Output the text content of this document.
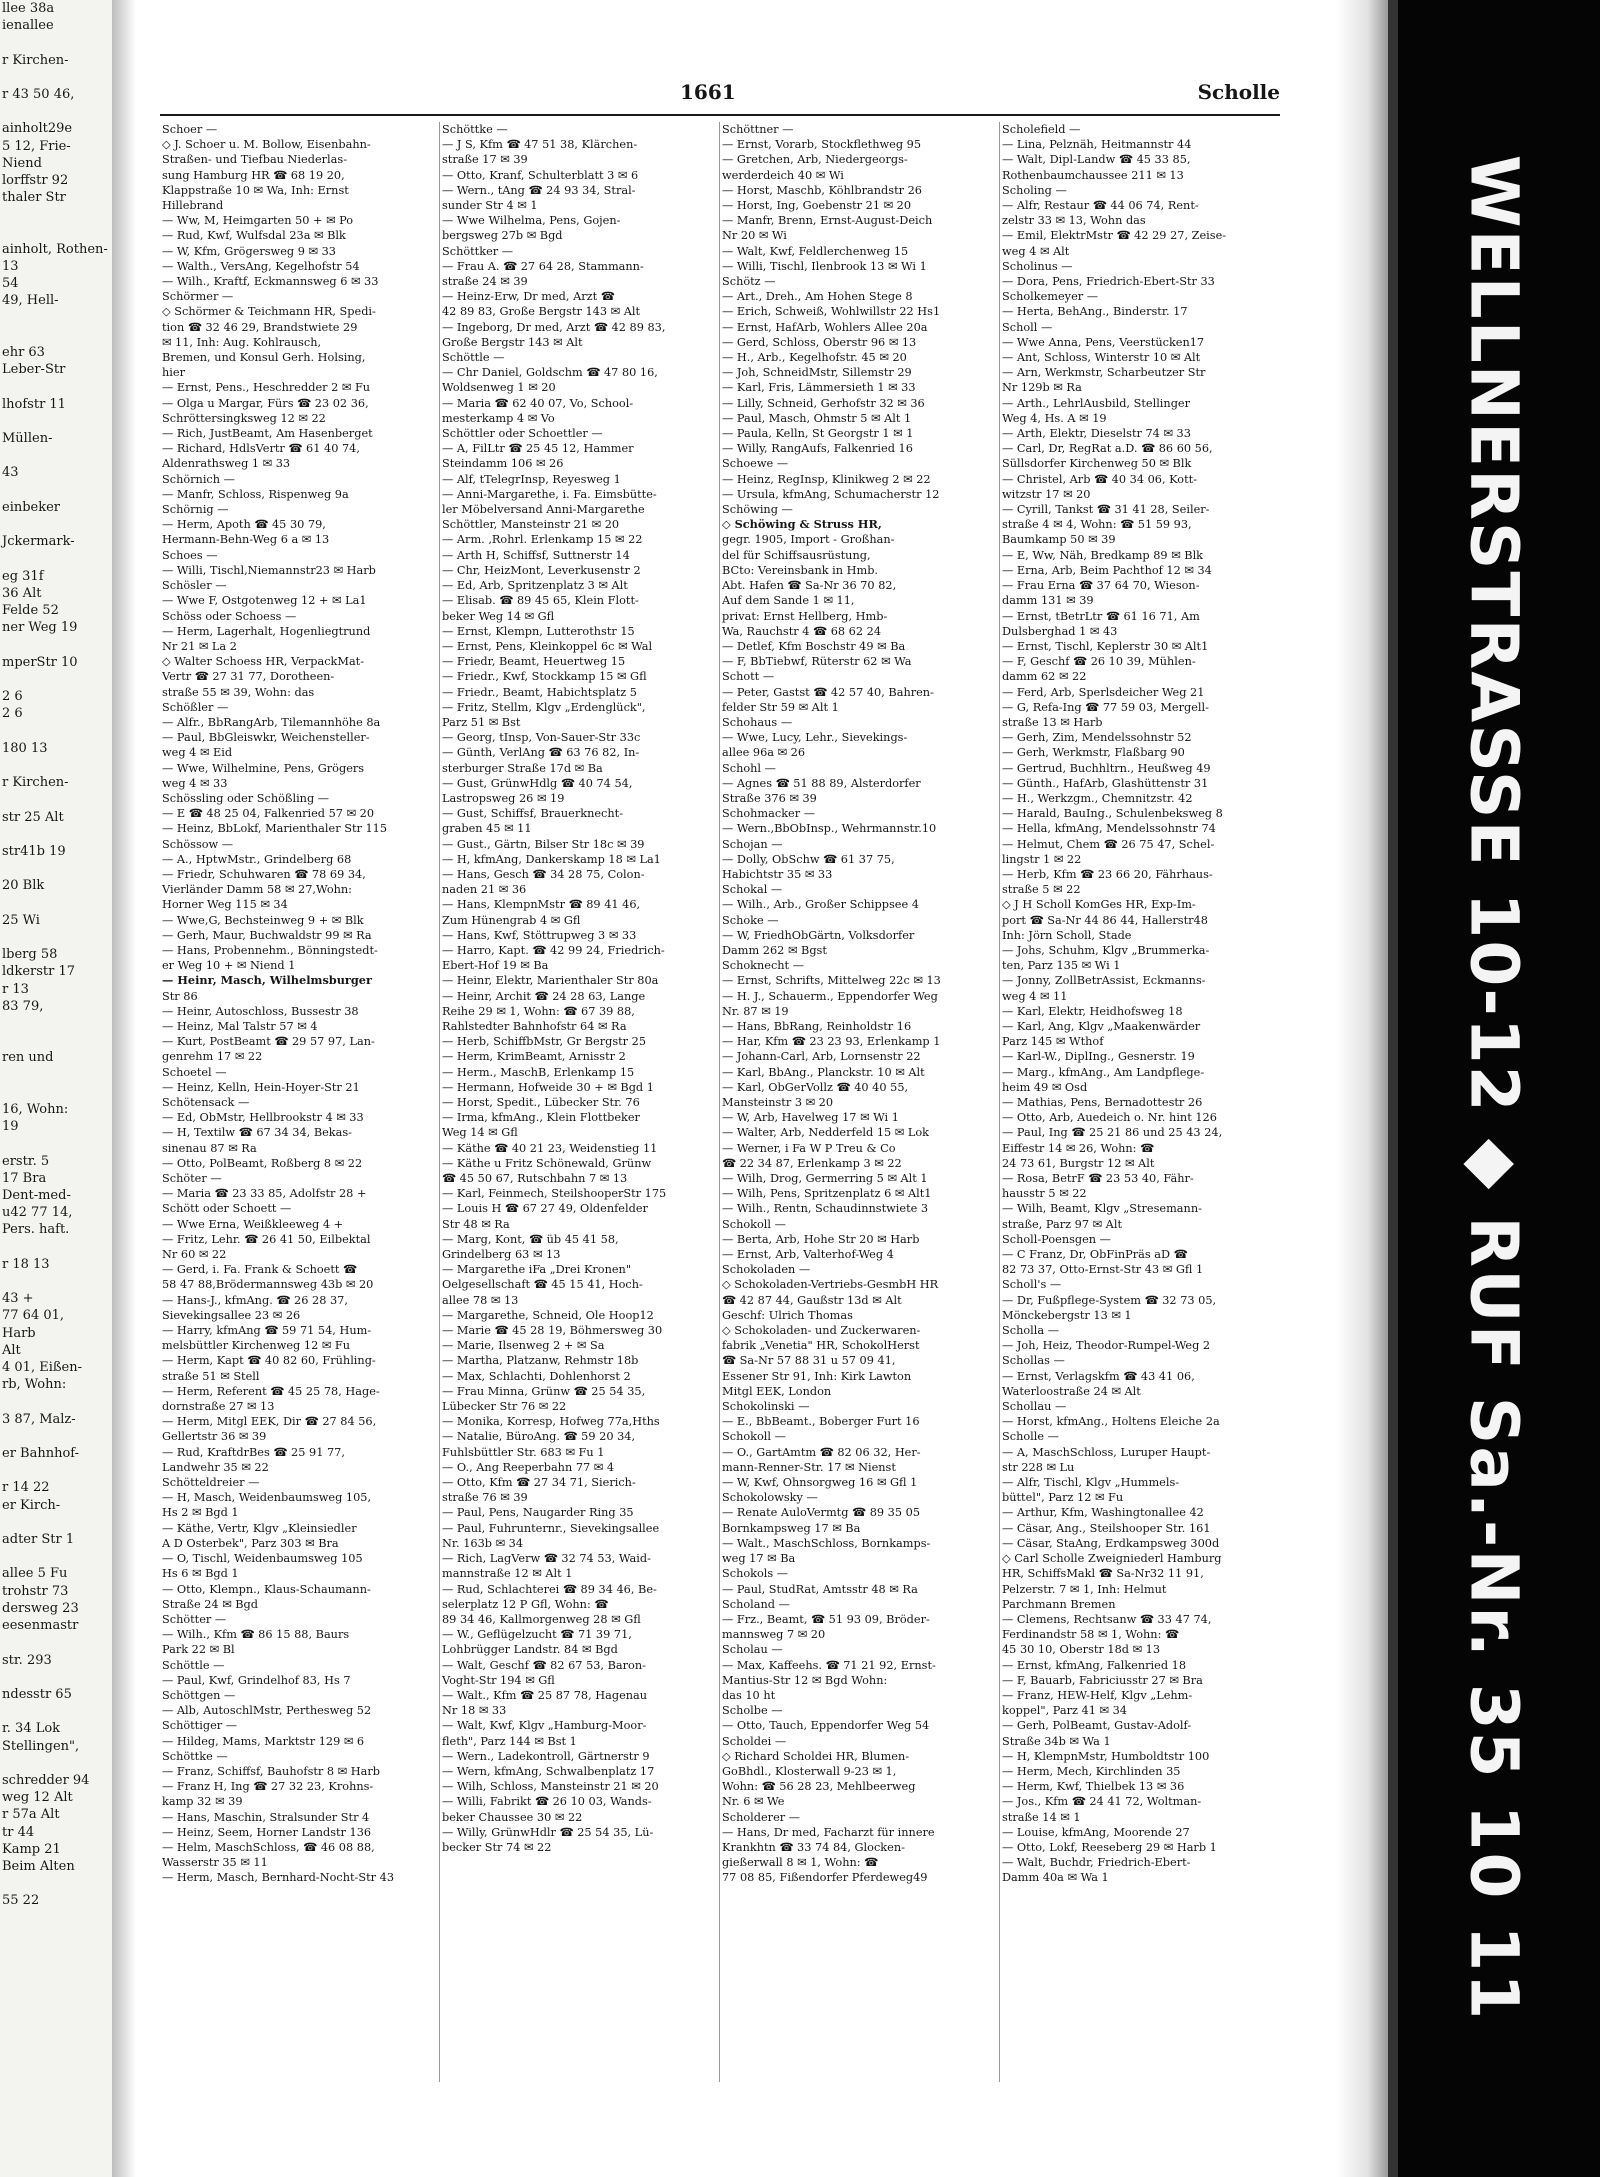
llee 38a
ienallee

r Kirchen-

r 43 50 46,

ainholt29e
5 12, Frie-
Niend
lorffstr 92
thaler Str

ainholt, Rothen-
13
54
49, Hell-

ehr 63
Leber-Str

lhofstr 11

Müllen-

43

einbeker

Jckermark-

eg 31f
36 Alt
Felde 52
ner Weg 19

mperStr 10

2 6
2 6

180 13

r Kirchen-

str 25 Alt

str41b 19

20 Blk

25 Wi

lberg 58
ldkerstr 17
r 13
83 79,

ren und

16, Wohn:
19

erstr. 5
17 Bra
Dent-med-
u42 77 14,
Pers. haft.

r 18 13

43 +
77 64 01,
Harb
Alt
4 01, Eißen-
rb, Wohn:

3 87, Malz-

er Bahnhof-

r 14 22
er Kirch-

adter Str 1

allee 5 Fu
trohstr 73
dersweg 23
eesenmastr

str. 293

ndesstr 65

r. 34 Lok
Stellingen",

schredder 94
weg 12 Alt
r 57a Alt
tr 44
Kamp 21
Beim Alten

55 22
1661	Scholle
Schoer —
◇ J. Schoer u. M. Bollow, Eisenbahn-
Straßen- und Tiefbau Niederlas-
sung Hamburg HR ☎ 68 19 20,
Klappstraße 10 ✉ Wa, Inh: Ernst
Hillebrand
— Ww, M, Heimgarten 50 + ✉ Po
— Rud, Kwf, Wulfsdal 23a ✉ Blk
— W, Kfm, Grögersweg 9 ✉ 33
— Walth., VersAng, Kegelhofstr 54
— Wilh., Kraftf, Eckmannsweg 6 ✉ 33
Schörmer —
◇ Schörmer & Teichmann HR, Spedi-
tion ☎ 32 46 29, Brandstwiete 29
✉ 11, Inh: Aug. Kohlrausch,
Bremen, und Konsul Gerh. Holsing,
hier
— Ernst, Pens., Heschredder 2 ✉ Fu
— Olga u Margar, Fürs ☎ 23 02 36,
Schröttersingksweg 12 ✉ 22
— Rich, JustBeamt, Am Hasenberget
— Richard, HdlsVertr ☎ 61 40 74,
Aldenrathsweg 1 ✉ 33
Schörnich —
— Manfr, Schloss, Rispenweg 9a
Schörnig —
— Herm, Apoth ☎ 45 30 79,
Hermann-Behn-Weg 6 a ✉ 13
Schoes —
— Willi, Tischl,Niemannstr23 ✉ Harb
Schösler —
— Wwe F, Ostgotenweg 12 + ✉ La1
Schöss oder Schoess —
— Herm, Lagerhalt, Hogenliegtrund
Nr 21 ✉ La 2
◇ Walter Schoess HR, VerpackMat-
Vertr ☎ 27 31 77, Dorotheen-
straße 55 ✉ 39, Wohn: das
Schößler —
— Alfr., BbRangArb, Tilemannhöhe 8a
— Paul, BbGleiswkr, Weichensteller-
weg 4 ✉ Eid
— Wwe, Wilhelmine, Pens, Grögers
weg 4 ✉ 33
Schössling oder Schößling —
— E ☎ 48 25 04, Falkenried 57 ✉ 20
— Heinz, BbLokf, Marienthaler Str 115
Schössow —
— A., HptwMstr., Grindelberg 68
— Friedr, Schuhwaren ☎ 78 69 34,
Vierländer Damm 58 ✉ 27,Wohn:
Horner Weg 115 ✉ 34
— Wwe,G, Bechsteinweg 9 + ✉ Blk
— Gerh, Maur, Buchwaldstr 99 ✉ Ra
— Hans, Probennehm., Bönningstedt-
er Weg 10 + ✉ Niend 1
— Heinr, Masch, Wilhelmsburger
Str 86
— Heinr, Autoschloss, Bussestr 38
— Heinz, Mal Talstr 57 ✉ 4
— Kurt, PostBeamt ☎ 29 57 97, Lan-
genrehm 17 ✉ 22
Schoetel —
— Heinz, Kelln, Hein-Hoyer-Str 21
Schötensack —
— Ed, ObMstr, Hellbrookstr 4 ✉ 33
— H, Textilw ☎ 67 34 34, Bekas-
sinenau 87 ✉ Ra
— Otto, PolBeamt, Roßberg 8 ✉ 22
Schöter —
— Maria ☎ 23 33 85, Adolfstr 28 +
Schött oder Schoett —
— Wwe Erna, Weißkleeweg 4 +
— Fritz, Lehr. ☎ 26 41 50, Eilbektal
Nr 60 ✉ 22
— Gerd, i. Fa. Frank & Schoett ☎
58 47 88,Brödermannsweg 43b ✉ 20
— Hans-J., kfmAng. ☎ 26 28 37,
Sievekingsallee 23 ✉ 26
— Harry, kfmAng ☎ 59 71 54, Hum-
melsbüttler Kirchenweg 12 ✉ Fu
— Herm, Kapt ☎ 40 82 60, Frühling-
straße 51 ✉ Stell
— Herm, Referent ☎ 45 25 78, Hage-
dornstraße 27 ✉ 13
— Herm, Mitgl EEK, Dir ☎ 27 84 56,
Gellertstr 36 ✉ 39
— Rud, KraftdrBes ☎ 25 91 77,
Landwehr 35 ✉ 22
Schötteldreier —
— H, Masch, Weidenbaumsweg 105,
Hs 2 ✉ Bgd 1
— Käthe, Vertr, Klgv „Kleinsiedler
A D Osterbek", Parz 303 ✉ Bra
— O, Tischl, Weidenbaumsweg 105
Hs 6 ✉ Bgd 1
— Otto, Klempn., Klaus-Schaumann-
Straße 24 ✉ Bgd
Schötter —
— Wilh., Kfm ☎ 86 15 88, Baurs
Park 22 ✉ Bl
Schöttle —
— Paul, Kwf, Grindelhof 83, Hs 7
Schöttgen —
— Alb, AutoschlMstr, Perthesweg 52
Schöttiger —
— Hildeg, Mams, Marktstr 129 ✉ 6
Schöttke —
— Franz, Schiffsf, Bauhofstr 8 ✉ Harb
— Franz H, Ing ☎ 27 32 23, Krohns-
kamp 32 ✉ 39
— Hans, Maschin, Stralsunder Str 4
— Heinz, Seem, Horner Landstr 136
— Helm, MaschSchloss, ☎ 46 08 88,
Wasserstr 35 ✉ 11
— Herm, Masch, Bernhard-Nocht-Str 43
Schöttke —
— J S, Kfm ☎ 47 51 38, Klärchen-
straße 17 ✉ 39
— Otto, Kranf, Schulterblatt 3 ✉ 6
— Wern., tAng ☎ 24 93 34, Stral-
sunder Str 4 ✉ 1
— Wwe Wilhelma, Pens, Gojen-
bergsweg 27b ✉ Bgd
Schöttker —
— Frau A. ☎ 27 64 28, Stammann-
straße 24 ✉ 39
— Heinz-Erw, Dr med, Arzt ☎
42 89 83, Große Bergstr 143 ✉ Alt
— Ingeborg, Dr med, Arzt ☎ 42 89 83,
Große Bergstr 143 ✉ Alt
Schöttle —
— Chr Daniel, Goldschm ☎ 47 80 16,
Woldsenweg 1 ✉ 20
— Maria ☎ 62 40 07, Vo, School-
mesterkamp 4 ✉ Vo
Schöttler oder Schoettler —
— A, FilLtr ☎ 25 45 12, Hammer
Steindamm 106 ✉ 26
— Alf, tTelegrInsp, Reyesweg 1
— Anni-Margarethe, i. Fa. Eimsbütte-
ler Möbelversand Anni-Margarethe
Schöttler, Mansteinstr 21 ✉ 20
— Arm. ,Rohrl. Erlenkamp 15 ✉ 22
— Arth H, Schiffsf, Suttnerstr 14
— Chr, HeizMont, Leverkusenstr 2
— Ed, Arb, Spritzenplatz 3 ✉ Alt
— Elisab. ☎ 89 45 65, Klein Flott-
beker Weg 14 ✉ Gfl
— Ernst, Klempn, Lutterothstr 15
— Ernst, Pens, Kleinkoppel 6c ✉ Wal
— Friedr, Beamt, Heuertweg 15
— Friedr., Kwf, Stockkamp 15 ✉ Gfl
— Friedr., Beamt, Habichtsplatz 5
— Fritz, Stellm, Klgv „Erdenglück",
Parz 51 ✉ Bst
— Georg, tInsp, Von-Sauer-Str 33c
— Günth, VerlAng ☎ 63 76 82, In-
sterburger Straße 17d ✉ Ba
— Gust, GrünwHdlg ☎ 40 74 54,
Lastropsweg 26 ✉ 19
— Gust, Schiffsf, Brauerknecht-
graben 45 ✉ 11
— Gust., Gärtn, Bilser Str 18c ✉ 39
— H, kfmAng, Dankerskamp 18 ✉ La1
— Hans, Gesch ☎ 34 28 75, Colon-
naden 21 ✉ 36
— Hans, KlempnMstr ☎ 89 41 46,
Zum Hünengrab 4 ✉ Gfl
— Hans, Kwf, Stöttrupweg 3 ✉ 33
— Harro, Kapt. ☎ 42 99 24, Friedrich-
Ebert-Hof 19 ✉ Ba
— Heinr, Elektr, Marienthaler Str 80a
— Heinr, Archit ☎ 24 28 63, Lange
Reihe 29 ✉ 1, Wohn: ☎ 67 39 88,
Rahlstedter Bahnhofstr 64 ✉ Ra
— Herb, SchiffbMstr, Gr Bergstr 25
— Herm, KrimBeamt, Arnisstr 2
— Herm., MaschB, Erlenkamp 15
— Hermann, Hofweide 30 + ✉ Bgd 1
— Horst, Spedit., Lübecker Str. 76
— Irma, kfmAng., Klein Flottbeker
Weg 14 ✉ Gfl
— Käthe ☎ 40 21 23, Weidenstieg 11
— Käthe u Fritz Schönewald, Grünw
☎ 45 50 67, Rutschbahn 7 ✉ 13
— Karl, Feinmech, SteilshooperStr 175
— Louis H ☎ 67 27 49, Oldenfelder
Str 48 ✉ Ra
— Marg, Kont, ☎ üb 45 41 58,
Grindelberg 63 ✉ 13
— Margarethe iFa „Drei Kronen"
Oelgesellschaft ☎ 45 15 41, Hoch-
allee 78 ✉ 13
— Margarethe, Schneid, Ole Hoop12
— Marie ☎ 45 28 19, Böhmersweg 30
— Marie, Ilsenweg 2 + ✉ Sa
— Martha, Platzanw, Rehmstr 18b
— Max, Schlachti, Dohlenhorst 2
— Frau Minna, Grünw ☎ 25 54 35,
Lübecker Str 76 ✉ 22
— Monika, Korresp, Hofweg 77a,Hths
— Natalie, BüroAng. ☎ 59 20 34,
Fuhlsbüttler Str. 683 ✉ Fu 1
— O., Ang Reeperbahn 77 ✉ 4
— Otto, Kfm ☎ 27 34 71, Sierich-
straße 76 ✉ 39
— Paul, Pens, Naugarder Ring 35
— Paul, Fuhrunternr., Sievekingsallee
Nr. 163b ✉ 34
— Rich, LagVerw ☎ 32 74 53, Waid-
mannstraße 12 ✉ Alt 1
— Rud, Schlachterei ☎ 89 34 46, Be-
selerplatz 12 P Gfl, Wohn: ☎
89 34 46, Kallmorgenweg 28 ✉ Gfl
— W., Geflügelzucht ☎ 71 39 71,
Lohbrügger Landstr. 84 ✉ Bgd
— Walt, Geschf ☎ 82 67 53, Baron-
Voght-Str 194 ✉ Gfl
— Walt., Kfm ☎ 25 87 78, Hagenau
Nr 18 ✉ 33
— Walt, Kwf, Klgv „Hamburg-Moor-
fleth", Parz 144 ✉ Bst 1
— Wern., Ladekontroll, Gärtnerstr 9
— Wern, kfmAng, Schwalbenplatz 17
— Wilh, Schloss, Mansteinstr 21 ✉ 20
— Willi, Fabrikt ☎ 26 10 03, Wands-
beker Chaussee 30 ✉ 22
— Willy, GrünwHdlr ☎ 25 54 35, Lü-
becker Str 74 ✉ 22
Schöttner —
— Ernst, Vorarb, Stockflethweg 95
— Gretchen, Arb, Niedergeorgs-
werderdeich 40 ✉ Wi
— Horst, Maschb, Köhlbrandstr 26
— Horst, Ing, Goebenstr 21 ✉ 20
— Manfr, Brenn, Ernst-August-Deich
Nr 20 ✉ Wi
— Walt, Kwf, Feldlerchenweg 15
— Willi, Tischl, Ilenbrook 13 ✉ Wi 1
Schötz —
— Art., Dreh., Am Hohen Stege 8
— Erich, Schweiß, Wohlwillstr 22 Hs1
— Ernst, HafArb, Wohlers Allee 20a
— Gerd, Schloss, Oberstr 96 ✉ 13
— H., Arb., Kegelhofstr. 45 ✉ 20
— Joh, SchneidMstr, Sillemstr 29
— Karl, Fris, Lämmersieth 1 ✉ 33
— Lilly, Schneid, Gerhofstr 32 ✉ 36
— Paul, Masch, Ohmstr 5 ✉ Alt 1
— Paula, Kelln, St Georgstr 1 ✉ 1
— Willy, RangAufs, Falkenried 16
Schoewe —
— Heinz, RegInsp, Klinikweg 2 ✉ 22
— Ursula, kfmAng, Schumacherstr 12
Schöwing —
◇ Schöwing & Struss HR,
gegr. 1905, Import - Großhan-
del für Schiffsausrüstung,
BCto: Vereinsbank in Hmb.
Abt. Hafen ☎ Sa-Nr 36 70 82,
Auf dem Sande 1 ✉ 11,
privat: Ernst Hellberg, Hmb-
Wa, Rauchstr 4 ☎ 68 62 24
— Detlef, Kfm Boschstr 49 ✉ Ba
— F, BbTiebwf, Rüterstr 62 ✉ Wa
Schott —
— Peter, Gastst ☎ 42 57 40, Bahren-
felder Str 59 ✉ Alt 1
Schohaus —
— Wwe, Lucy, Lehr., Sievekings-
allee 96a ✉ 26
Schohl —
— Agnes ☎ 51 88 89, Alsterdorfer
Straße 376 ✉ 39
Schohmacker —
— Wern.,BbObInsp., Wehrmannstr.10
Schojan —
— Dolly, ObSchw ☎ 61 37 75,
Habichtstr 35 ✉ 33
Schokal —
— Wilh., Arb., Großer Schippsee 4
Schoke —
— W, FriedhObGärtn, Volksdorfer
Damm 262 ✉ Bgst
Schoknecht —
— Ernst, Schrifts, Mittelweg 22c ✉ 13
— H. J., Schauerm., Eppendorfer Weg
Nr. 87 ✉ 19
— Hans, BbRang, Reinholdstr 16
— Har, Kfm ☎ 23 23 93, Erlenkamp 1
— Johann-Carl, Arb, Lornsenstr 22
— Karl, BbAng., Planckstr. 10 ✉ Alt
— Karl, ObGerVollz ☎ 40 40 55,
Mansteinstr 3 ✉ 20
— W, Arb, Havelweg 17 ✉ Wi 1
— Walter, Arb, Nedderfeld 15 ✉ Lok
— Werner, i Fa W P Treu & Co
☎ 22 34 87, Erlenkamp 3 ✉ 22
— Wilh, Drog, Germerring 5 ✉ Alt 1
— Wilh, Pens, Spritzenplatz 6 ✉ Alt1
— Wilh., Rentn, Schaudinnstwiete 3
Schokoll —
— Berta, Arb, Hohe Str 20 ✉ Harb
— Ernst, Arb, Valterhof-Weg 4
Schokoladen —
◇ Schokoladen-Vertriebs-GesmbH HR
☎ 42 87 44, Gaußstr 13d ✉ Alt
Geschf: Ulrich Thomas
◇ Schokoladen- und Zuckerwaren-
fabrik „Venetia" HR, SchokolHerst
☎ Sa-Nr 57 88 31 u 57 09 41,
Essener Str 91, Inh: Kirk Lawton
Mitgl EEK, London
Schokolinski —
— E., BbBeamt., Boberger Furt 16
Schokoll —
— O., GartAmtm ☎ 82 06 32, Her-
mann-Renner-Str. 17 ✉ Nienst
— W, Kwf, Ohnsorgweg 16 ✉ Gfl 1
Schokolowsky —
— Renate AuloVermtg ☎ 89 35 05
Bornkampsweg 17 ✉ Ba
— Walt., MaschSchloss, Bornkamps-
weg 17 ✉ Ba
Schokols —
— Paul, StudRat, Amtsstr 48 ✉ Ra
Scholand —
— Frz., Beamt, ☎ 51 93 09, Bröder-
mannsweg 7 ✉ 20
Scholau —
— Max, Kaffeehs. ☎ 71 21 92, Ernst-
Mantius-Str 12 ✉ Bgd Wohn:
das 10 ht
Scholbe —
— Otto, Tauch, Eppendorfer Weg 54
Scholdei —
◇ Richard Scholdei HR, Blumen-
GoBhdl., Klosterwall 9-23 ✉ 1,
Wohn: ☎ 56 28 23, Mehlbeerweg
Nr. 6 ✉ We
Scholderer —
— Hans, Dr med, Facharzt für innere
Krankhtn ☎ 33 74 84, Glocken-
gießerwall 8 ✉ 1, Wohn: ☎
77 08 85, Fißendorfer Pferdeweg49
Scholefield —
— Lina, Pelznäh, Heitmannstr 44
— Walt, Dipl-Landw ☎ 45 33 85,
Rothenbaumchaussee 211 ✉ 13
Scholing —
— Alfr, Restaur ☎ 44 06 74, Rent-
zelstr 33 ✉ 13, Wohn das
— Emil, ElektrMstr ☎ 42 29 27, Zeise-
weg 4 ✉ Alt
Scholinus —
— Dora, Pens, Friedrich-Ebert-Str 33
Scholkemeyer —
— Herta, BehAng., Binderstr. 17
Scholl —
— Wwe Anna, Pens, Veerstücken17
— Ant, Schloss, Winterstr 10 ✉ Alt
— Arn, Werkmstr, Scharbeutzer Str
Nr 129b ✉ Ra
— Arth., LehrlAusbild, Stellinger
Weg 4, Hs. A ✉ 19
— Arth, Elektr, Dieselstr 74 ✉ 33
— Carl, Dr, RegRat a.D. ☎ 86 60 56,
Süllsdorfer Kirchenweg 50 ✉ Blk
— Christel, Arb ☎ 40 34 06, Kott-
witzstr 17 ✉ 20
— Cyrill, Tankst ☎ 31 41 28, Seiler-
straße 4 ✉ 4, Wohn: ☎ 51 59 93,
Baumkamp 50 ✉ 39
— E, Ww, Näh, Bredkamp 89 ✉ Blk
— Erna, Arb, Beim Pachthof 12 ✉ 34
— Frau Erna ☎ 37 64 70, Wieson-
damm 131 ✉ 39
— Ernst, tBetrLtr ☎ 61 16 71, Am
Dulsberghad 1 ✉ 43
— Ernst, Tischl, Keplerstr 30 ✉ Alt1
— F, Geschf ☎ 26 10 39, Mühlen-
damm 62 ✉ 22
— Ferd, Arb, Sperlsdeicher Weg 21
— G, Refa-Ing ☎ 77 59 03, Mergell-
straße 13 ✉ Harb
— Gerh, Zim, Mendelssohnstr 52
— Gerh, Werkmstr, Flaßbarg 90
— Gertrud, Buchhltrn., Heußweg 49
— Günth., HafArb, Glashüttenstr 31
— H., Werkzgm., Chemnitzstr. 42
— Harald, BauIng., Schulenbeksweg 8
— Hella, kfmAng, Mendelssohnstr 74
— Helmut, Chem ☎ 26 75 47, Schel-
lingstr 1 ✉ 22
— Herb, Kfm ☎ 23 66 20, Fährhaus-
straße 5 ✉ 22
◇ J H Scholl KomGes HR, Exp-Im-
port ☎ Sa-Nr 44 86 44, Hallerstr48
Inh: Jörn Scholl, Stade
— Johs, Schuhm, Klgv „Brummerka-
ten, Parz 135 ✉ Wi 1
— Jonny, ZollBetrAssist, Eckmanns-
weg 4 ✉ 11
— Karl, Elektr, Heidhofsweg 18
— Karl, Ang, Klgv „Maakenwärder
Parz 145 ✉ Wthof
— Karl-W., DiplIng., Gesnerstr. 19
— Marg., kfmAng., Am Landpflege-
heim 49 ✉ Osd
— Mathias, Pens, Bernadottestr 26
— Otto, Arb, Auedeich o. Nr. hint 126
— Paul, Ing ☎ 25 21 86 und 25 43 24,
Eiffestr 14 ✉ 26, Wohn: ☎
24 73 61, Burgstr 12 ✉ Alt
— Rosa, BetrF ☎ 23 53 40, Fähr-
hausstr 5 ✉ 22
— Wilh, Beamt, Klgv „Stresemann-
straße, Parz 97 ✉ Alt
Scholl-Poensgen —
— C Franz, Dr, ObFinPräs aD ☎
82 73 37, Otto-Ernst-Str 43 ✉ Gfl 1
Scholl's —
— Dr, Fußpflege-System ☎ 32 73 05,
Mönckebergstr 13 ✉ 1
Scholla —
— Joh, Heiz, Theodor-Rumpel-Weg 2
Schollas —
— Ernst, Verlagskfm ☎ 43 41 06,
Waterloostraße 24 ✉ Alt
Schollau —
— Horst, kfmAng., Holtens Eleiche 2a
Scholle —
— A, MaschSchloss, Luruper Haupt-
str 228 ✉ Lu
— Alfr, Tischl, Klgv „Hummels-
büttel", Parz 12 ✉ Fu
— Arthur, Kfm, Washingtonallee 42
— Cäsar, Ang., Steilshooper Str. 161
— Cäsar, StaAng, Erdkampsweg 300d
◇ Carl Scholle Zweigniederl Hamburg
HR, SchiffsMakl ☎ Sa-Nr32 11 91,
Pelzerstr. 7 ✉ 1, Inh: Helmut
Parchmann Bremen
— Clemens, Rechtsanw ☎ 33 47 74,
Ferdinandstr 58 ✉ 1, Wohn: ☎
45 30 10, Oberstr 18d ✉ 13
— Ernst, kfmAng, Falkenried 18
— F, Bauarb, Fabriciusstr 27 ✉ Bra
— Franz, HEW-Helf, Klgv „Lehm-
koppel", Parz 41 ✉ 34
— Gerh, PolBeamt, Gustav-Adolf-
Straße 34b ✉ Wa 1
— H, KlempnMstr, Humboldtstr 100
— Herm, Mech, Kirchlinden 35
— Herm, Kwf, Thielbek 13 ✉ 36
— Jos., Kfm ☎ 24 41 72, Woltman-
straße 14 ✉ 1
— Louise, kfmAng, Moorende 27
— Otto, Lokf, Reeseberg 29 ✉ Harb 1
— Walt, Buchdr, Friedrich-Ebert-
Damm 40a ✉ Wa 1	WELLNERSTRASSE 10-12 ◆ RUF Sa.-Nr. 35 10 11
